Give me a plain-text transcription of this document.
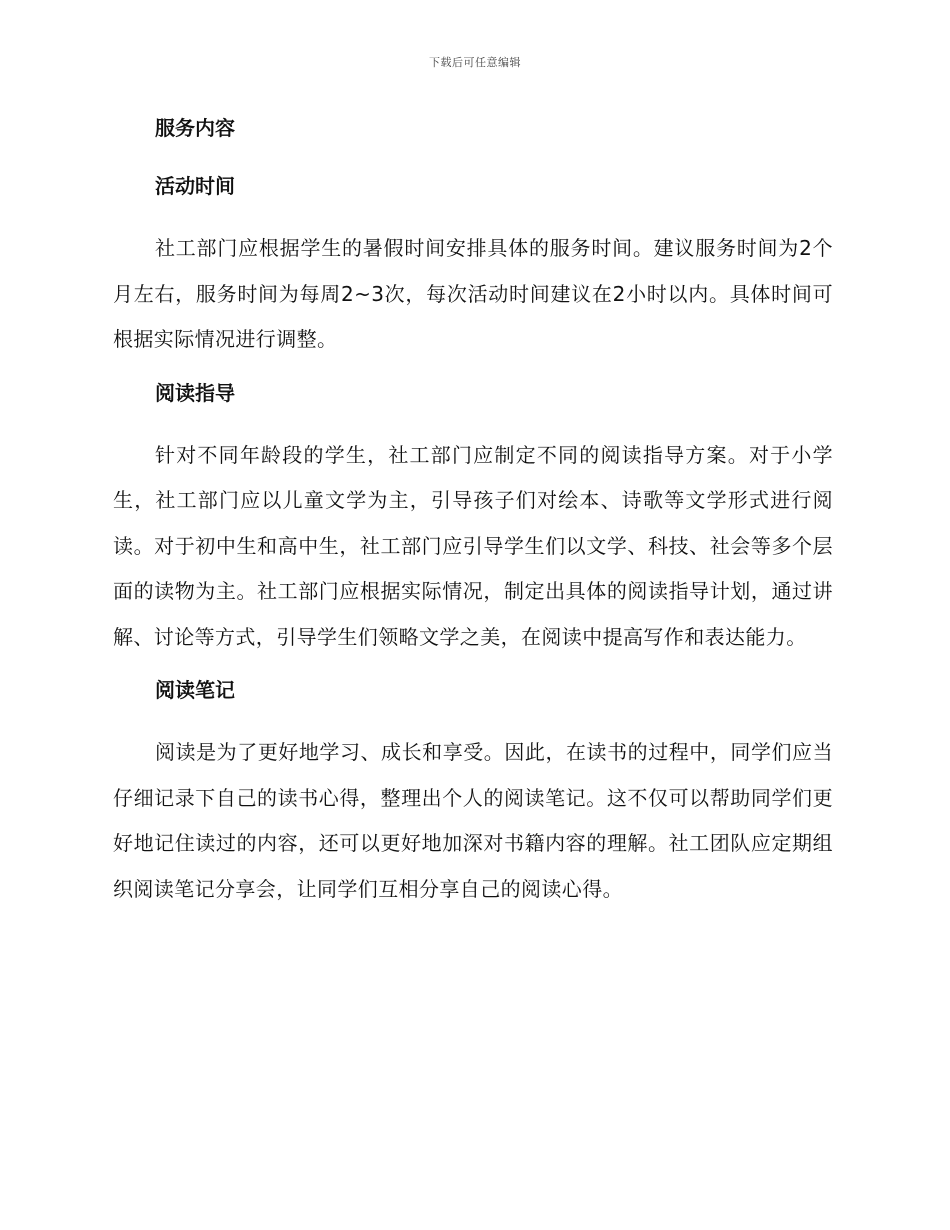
下载后可任意编辑
服务内容
活动时间

社工部门应根据学生的暑假时间安排具体的服务时间。建议服务时间为2个月左右，服务时间为每周2~3次，每次活动时间建议在2小时以内。具体时间可根据实际情况进行调整。

阅读指导

针对不同年龄段的学生，社工部门应制定不同的阅读指导方案。对于小学生，社工部门应以儿童文学为主，引导孩子们对绘本、诗歌等文学形式进行阅读。对于初中生和高中生，社工部门应引导学生们以文学、科技、社会等多个层面的读物为主。社工部门应根据实际情况，制定出具体的阅读指导计划，通过讲解、讨论等方式，引导学生们领略文学之美，在阅读中提高写作和表达能力。

阅读笔记

阅读是为了更好地学习、成长和享受。因此，在读书的过程中，同学们应当仔细记录下自己的读书心得，整理出个人的阅读笔记。这不仅可以帮助同学们更好地记住读过的内容，还可以更好地加深对书籍内容的理解。社工团队应定期组织阅读笔记分享会，让同学们互相分享自己的阅读心得。
